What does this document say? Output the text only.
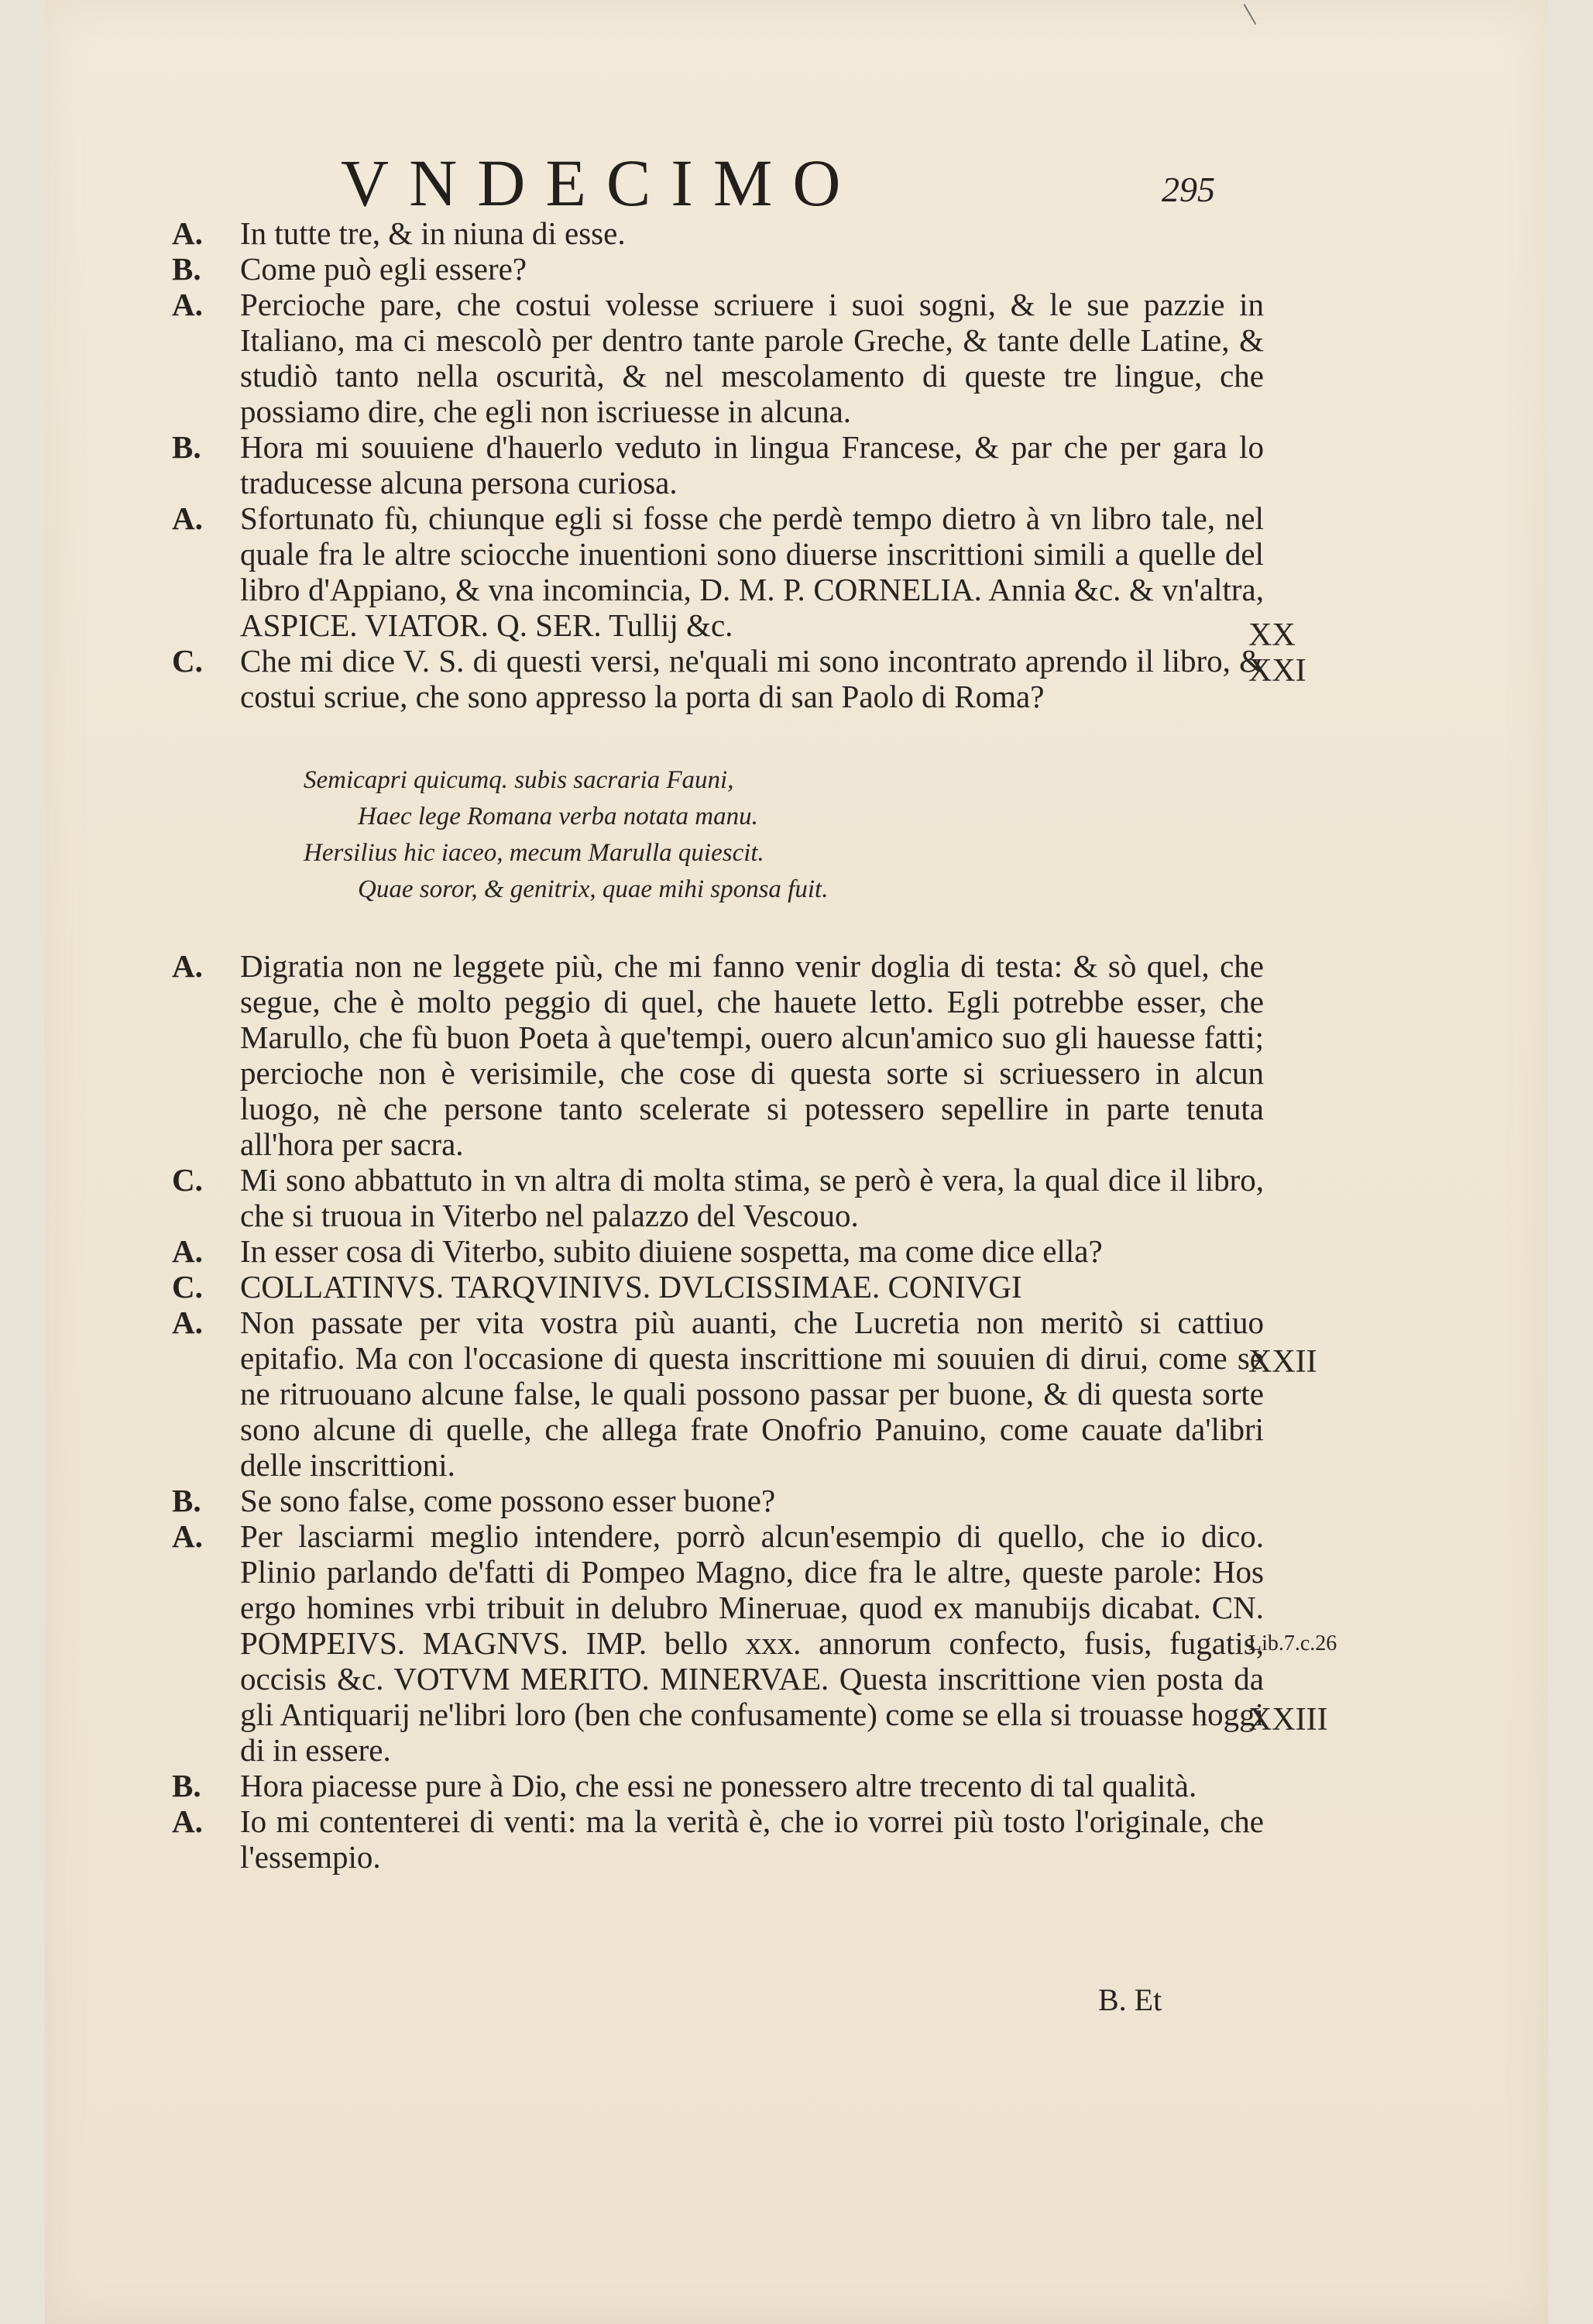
VNDECIMO	295
A. In tutte tre, & in niuna di esse.
B. Come può egli essere?
A. Percioche pare, che costui volesse scriuere i suoi sogni, & le sue pazzie in Italiano, ma ci mescolò per dentro tante parole Greche, & tante delle Latine, & studiò tanto nella oscurità, & nel mescolamento di queste tre lingue, che possiamo dire, che egli non iscriuesse in alcuna.
B. Hora mi souuiene d'hauerlo veduto in lingua Francese, & par che per gara lo traducesse alcuna persona curiosa.
A. Sfortunato fù, chiunque egli si fosse che perdè tempo dietro à vn libro tale, nel quale fra le altre sciocche inuentioni sono diuerse inscrittioni simili a quelle del libro d'Appiano, & vna incomincia, D. M. P. CORNELIA. Annia &c. & vn'altra, ASPICE. VIATOR. Q. SER. Tullij &c.
C. Che mi dice V. S. di questi versi, ne'quali mi sono incontrato aprendo il libro, & costui scriue, che sono appresso la porta di san Paolo di Roma?
Semicapri quicumq. subis sacraria Fauni,
Haec lege Romana verba notata manu.
Hersilius hic iaceo, mecum Marulla quiescit.
Quae soror, & genitrix, quae mihi sponsa fuit.
A. Digratia non ne leggete più, che mi fanno venir doglia di testa: & sò quel, che segue, che è molto peggio di quel, che hauete letto. Egli potrebbe esser, che Marullo, che fù buon Poeta à que'tempi, ouero alcun'amico suo gli hauesse fatti; percioche non è verisimile, che cose di questa sorte si scriuessero in alcun luogo, nè che persone tanto scelerate si potessero sepellire in parte tenuta all'hora per sacra.
C. Mi sono abbattuto in vn altra di molta stima, se però è vera, la qual dice il libro, che si truoua in Viterbo nel palazzo del Vescouo.
A. In esser cosa di Viterbo, subito diuiene sospetta, ma come dice ella?
C. COLLATINVS. TARQVINIVS. DVLCISSIMAE. CONIVGI
A. Non passate per vita vostra più auanti, che Lucretia non meritò si cattiuo epitafio. Ma con l'occasione di questa inscrittione mi souuien di dirui, come se ne ritruouano alcune false, le quali possono passar per buone, & di questa sorte sono alcune di quelle, che allega frate Onofrio Panuino, come cauate da'libri delle inscrittioni.
B. Se sono false, come possono esser buone?
A. Per lasciarmi meglio intendere, porrò alcun'esempio di quello, che io dico. Plinio parlando de'fatti di Pompeo Magno, dice fra le altre, queste parole: Hos ergo homines vrbi tribuit in delubro Mineruae, quod ex manubijs dicabat. CN. POMPEIVS. MAGNVS. IMP. bello xxx. annorum confecto, fusis, fugatis, occisis &c. VOTVM MERITO. MINERVAE. Questa inscrittione vien posta da gli Antiquarij ne'libri loro (ben che confusamente) come se ella si trouasse hoggi di in essere.
B. Hora piacesse pure à Dio, che essi ne ponessero altre trecento di tal qualità.
A. Io mi contenterei di venti: ma la verità è, che io vorrei più tosto l'originale, che l'essempio.
XX
XXI
XXII
Lib.7.c.26
XXIII
B. Et
